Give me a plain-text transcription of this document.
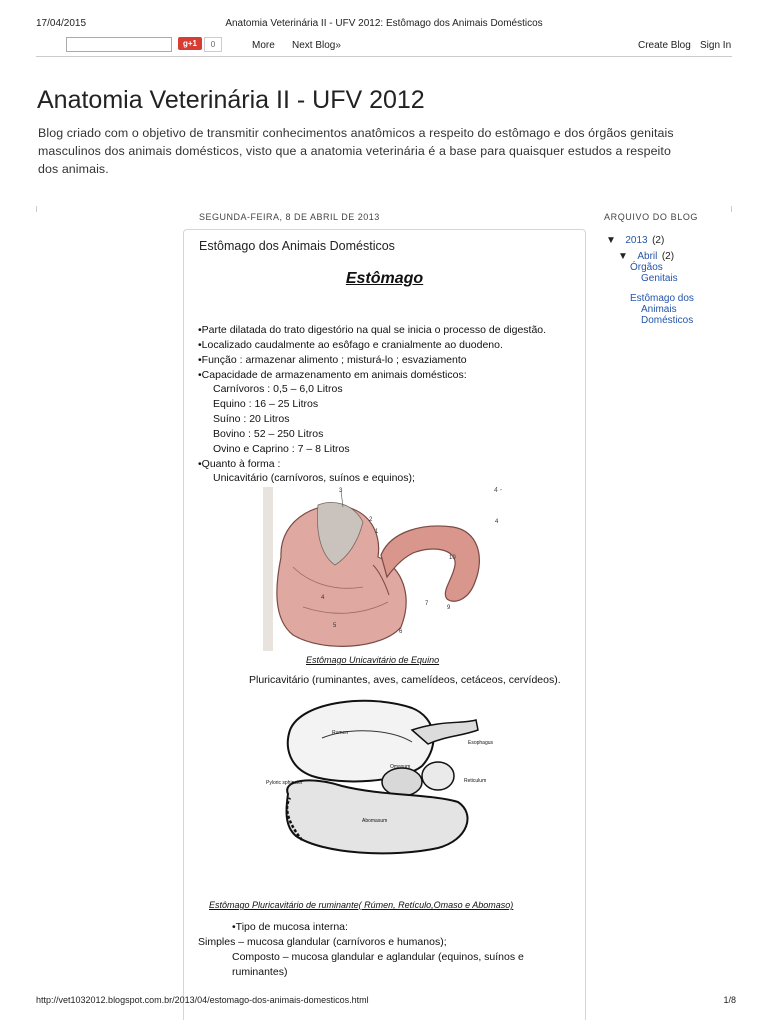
17/04/2015	Anatomia Veterinária II - UFV 2012: Estômago dos Animais Domésticos
g+1	0	More Next Blog»	Create Blog Sign In
Anatomia Veterinária II - UFV 2012
Blog criado com o objetivo de transmitir conhecimentos anatômicos a respeito do estômago e dos órgãos genitais
masculinos dos animais domésticos, visto que a anatomia veterinária é a base para quaisquer estudos a respeito
dos animais.
SEGUNDA-FEIRA, 8 DE ABRIL DE 2013
Estômago dos Animais Domésticos
Estômago
•Parte dilatada do trato digestório na qual se inicia o processo de digestão.
•Localizado caudalmente ao esôfago e cranialmente ao duodeno.
•Função : armazenar alimento ; misturá-lo ; esvaziamento
•Capacidade de armazenamento em animais domésticos:
Carnívoros : 0,5 – 6,0 Litros
Equino : 16 – 25 Litros
Suíno : 20 Litros
Bovino : 52 – 250 Litros
Ovino e Caprino : 7 – 8 Litros
•Quanto à forma :
Unicavitário (carnívoros, suínos e equinos);
3
2
1
4
10
4
5
6
7
9
4 -
Estômago Unicavitário de Equino
Pluricavitário (ruminantes, aves, camelídeos, cetáceos, cervídeos).
Rumen
Esophagus
Omasum
Reticulum
Pyloric sphincter
Abomasum
Estômago Pluricavitário de ruminante( Rúmen, Retículo,Omaso e Abomaso)
•Tipo de mucosa interna:
Simples – mucosa glandular (carnívoros e humanos);
Composto – mucosa glandular e aglandular (equinos, suínos e
ruminantes)
ARQUIVO DO BLOG
▼ 2013 (2)
▼ Abril (2)
Órgãos
Genitais
Estômago dos
Animais
Domésticos
http://vet1032012.blogspot.com.br/2013/04/estomago-dos-animais-domesticos.html	1/8
